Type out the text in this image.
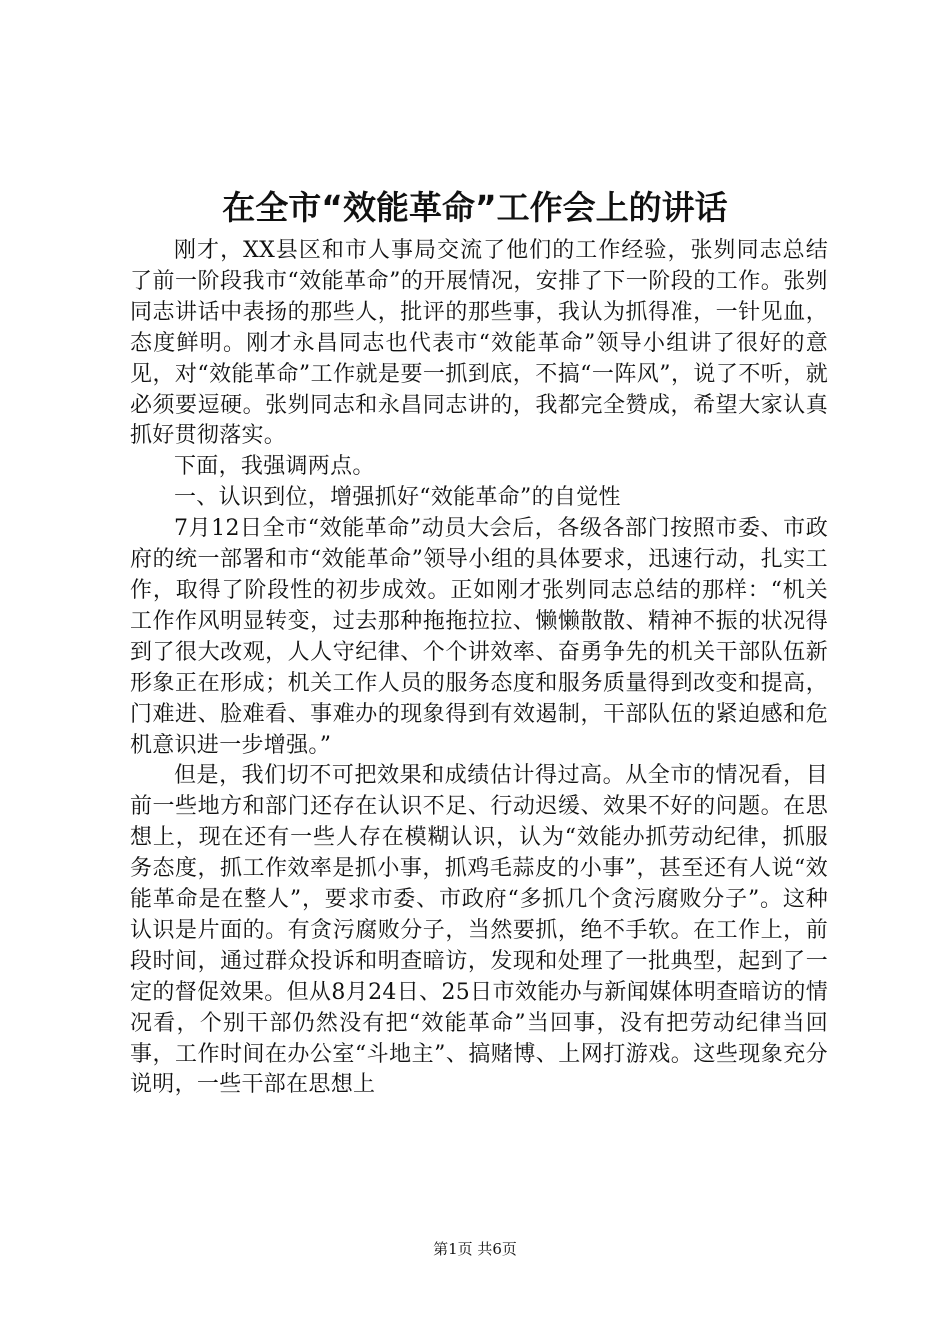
在全市“效能革命”工作会上的讲话

刚才，XX县区和市人事局交流了他们的工作经验，张刿同志总结了前一阶段我市“效能革命”的开展情况，安排了下一阶段的工作。张刿同志讲话中表扬的那些人，批评的那些事，我认为抓得准，一针见血，态度鲜明。刚才永昌同志也代表市“效能革命”领导小组讲了很好的意见，对“效能革命”工作就是要一抓到底，不搞“一阵风”，说了不听，就必须要逗硬。张刿同志和永昌同志讲的，我都完全赞成，希望大家认真抓好贯彻落实。

下面，我强调两点。

一、认识到位，增强抓好“效能革命”的自觉性

7月12日全市“效能革命”动员大会后，各级各部门按照市委、市政府的统一部署和市“效能革命”领导小组的具体要求，迅速行动，扎实工作，取得了阶段性的初步成效。正如刚才张刿同志总结的那样：“机关工作作风明显转变，过去那种拖拖拉拉、懒懒散散、精神不振的状况得到了很大改观，人人守纪律、个个讲效率、奋勇争先的机关干部队伍新形象正在形成；机关工作人员的服务态度和服务质量得到改变和提高，门难进、脸难看、事难办的现象得到有效遏制，干部队伍的紧迫感和危机意识进一步增强。”

但是，我们切不可把效果和成绩估计得过高。从全市的情况看，目前一些地方和部门还存在认识不足、行动迟缓、效果不好的问题。在思想上，现在还有一些人存在模糊认识，认为“效能办抓劳动纪律，抓服务态度，抓工作效率是抓小事，抓鸡毛蒜皮的小事”，甚至还有人说“效能革命是在整人”，要求市委、市政府“多抓几个贪污腐败分子”。这种认识是片面的。有贪污腐败分子，当然要抓，绝不手软。在工作上，前段时间，通过群众投诉和明查暗访，发现和处理了一批典型，起到了一定的督促效果。但从8月24日、25日市效能办与新闻媒体明查暗访的情况看，个别干部仍然没有把“效能革命”当回事，没有把劳动纪律当回事，工作时间在办公室“斗地主”、搞赌博、上网打游戏。这些现象充分说明，一些干部在思想上

第1页 共6页
